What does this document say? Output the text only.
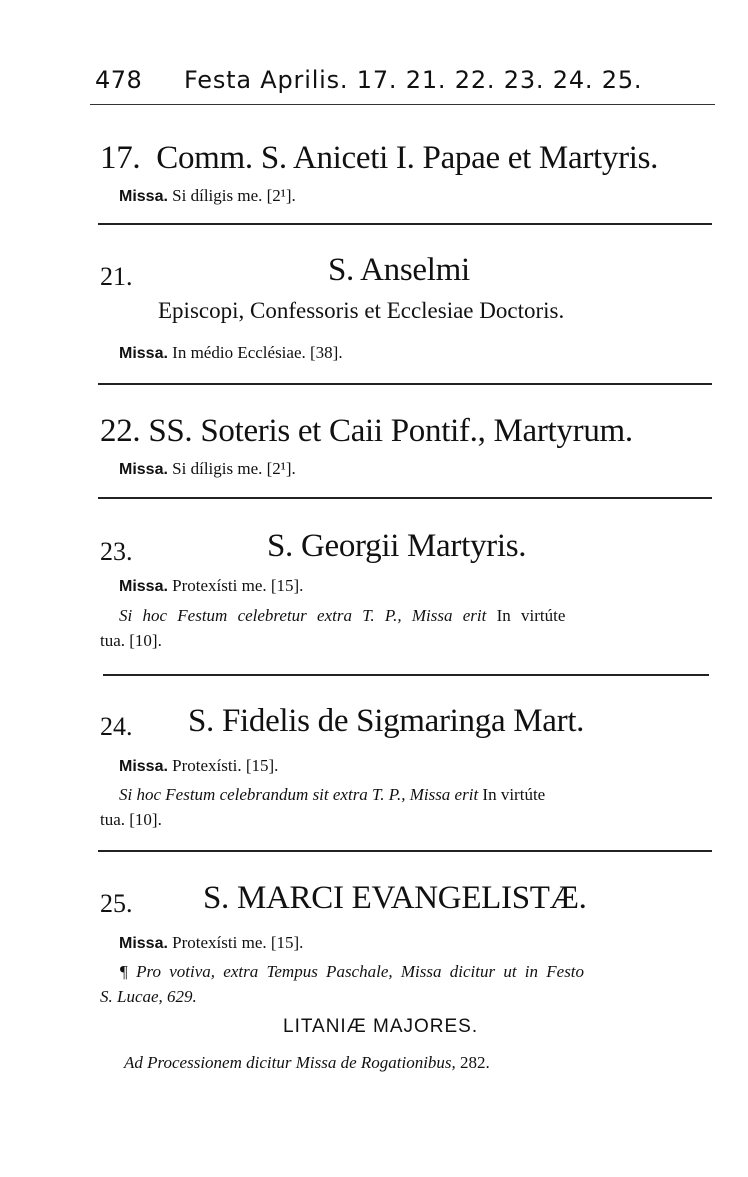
478 Festa Aprilis. 17. 21. 22. 23. 24. 25.
17. Comm. S. Aniceti I. Papae et Martyris.
Missa. Si díligis me. [2¹].
21.	S. Anselmi
Episcopi, Confessoris et Ecclesiae Doctoris.
Missa. In médio Ecclésiae. [38].
22. SS. Soteris et Caii Pontif., Martyrum.
Missa. Si díligis me. [2¹].
23.	S. Georgii Martyris.
Missa. Protexísti me. [15].
Si hoc Festum celebretur extra T. P., Missa erit In virtúte
tua. [10].
24. S. Fidelis de Sigmaringa Mart.
Missa. Protexísti. [15].
Si hoc Festum celebrandum sit extra T. P., Missa erit In virtúte
tua. [10].
25. S. MARCI EVANGELISTÆ.
Missa. Protexísti me. [15].
¶ Pro votiva, extra Tempus Paschale, Missa dicitur ut in Festo
S. Lucae, 629.
LITANIÆ MAJORES.
Ad Processionem dicitur Missa de Rogationibus, 282.
